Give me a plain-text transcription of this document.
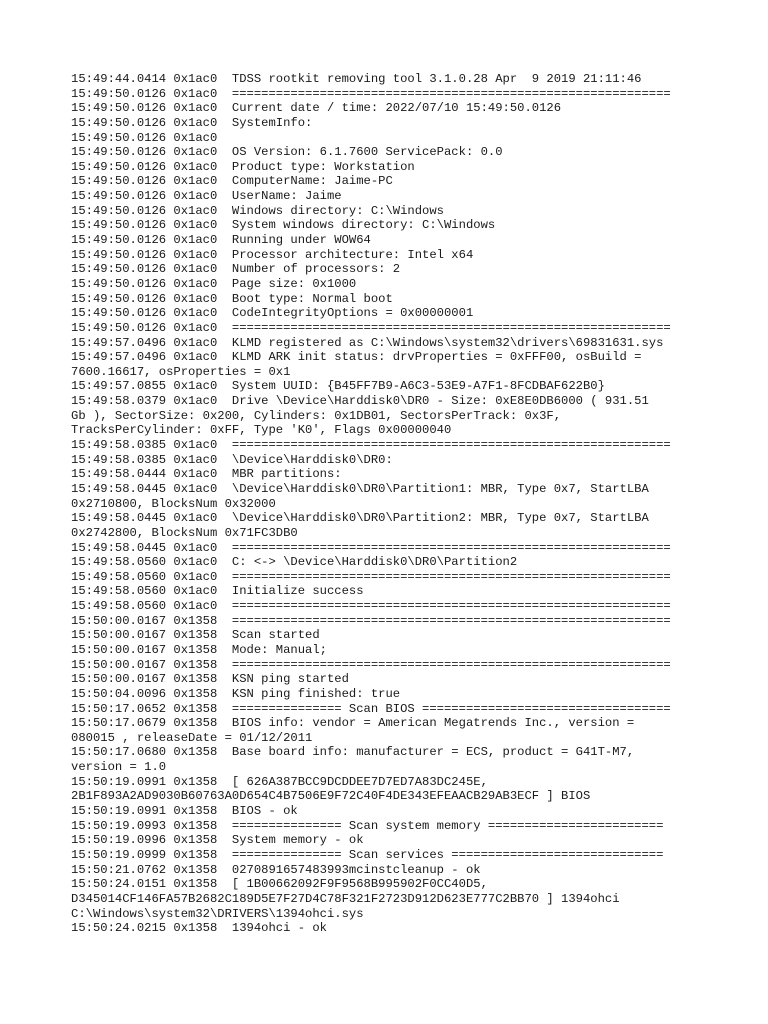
15:49:44.0414 0x1ac0  TDSS rootkit removing tool 3.1.0.28 Apr  9 2019 21:11:46
15:49:50.0126 0x1ac0  ============================================================
15:49:50.0126 0x1ac0  Current date / time: 2022/07/10 15:49:50.0126
15:49:50.0126 0x1ac0  SystemInfo:
15:49:50.0126 0x1ac0
15:49:50.0126 0x1ac0  OS Version: 6.1.7600 ServicePack: 0.0
15:49:50.0126 0x1ac0  Product type: Workstation
15:49:50.0126 0x1ac0  ComputerName: Jaime-PC
15:49:50.0126 0x1ac0  UserName: Jaime
15:49:50.0126 0x1ac0  Windows directory: C:\Windows
15:49:50.0126 0x1ac0  System windows directory: C:\Windows
15:49:50.0126 0x1ac0  Running under WOW64
15:49:50.0126 0x1ac0  Processor architecture: Intel x64
15:49:50.0126 0x1ac0  Number of processors: 2
15:49:50.0126 0x1ac0  Page size: 0x1000
15:49:50.0126 0x1ac0  Boot type: Normal boot
15:49:50.0126 0x1ac0  CodeIntegrityOptions = 0x00000001
15:49:50.0126 0x1ac0  ============================================================
15:49:57.0496 0x1ac0  KLMD registered as C:\Windows\system32\drivers\69831631.sys
15:49:57.0496 0x1ac0  KLMD ARK init status: drvProperties = 0xFFF00, osBuild =
7600.16617, osProperties = 0x1
15:49:57.0855 0x1ac0  System UUID: {B45FF7B9-A6C3-53E9-A7F1-8FCDBAF622B0}
15:49:58.0379 0x1ac0  Drive \Device\Harddisk0\DR0 - Size: 0xE8E0DB6000 ( 931.51
Gb ), SectorSize: 0x200, Cylinders: 0x1DB01, SectorsPerTrack: 0x3F,
TracksPerCylinder: 0xFF, Type 'K0', Flags 0x00000040
15:49:58.0385 0x1ac0  ============================================================
15:49:58.0385 0x1ac0  \Device\Harddisk0\DR0:
15:49:58.0444 0x1ac0  MBR partitions:
15:49:58.0445 0x1ac0  \Device\Harddisk0\DR0\Partition1: MBR, Type 0x7, StartLBA
0x2710800, BlocksNum 0x32000
15:49:58.0445 0x1ac0  \Device\Harddisk0\DR0\Partition2: MBR, Type 0x7, StartLBA
0x2742800, BlocksNum 0x71FC3DB0
15:49:58.0445 0x1ac0  ============================================================
15:49:58.0560 0x1ac0  C: <-> \Device\Harddisk0\DR0\Partition2
15:49:58.0560 0x1ac0  ============================================================
15:49:58.0560 0x1ac0  Initialize success
15:49:58.0560 0x1ac0  ============================================================
15:50:00.0167 0x1358  ============================================================
15:50:00.0167 0x1358  Scan started
15:50:00.0167 0x1358  Mode: Manual;
15:50:00.0167 0x1358  ============================================================
15:50:00.0167 0x1358  KSN ping started
15:50:04.0096 0x1358  KSN ping finished: true
15:50:17.0652 0x1358  =============== Scan BIOS ==================================
15:50:17.0679 0x1358  BIOS info: vendor = American Megatrends Inc., version =
080015 , releaseDate = 01/12/2011
15:50:17.0680 0x1358  Base board info: manufacturer = ECS, product = G41T-M7,
version = 1.0
15:50:19.0991 0x1358  [ 626A387BCC9DCDDEE7D7ED7A83DC245E,
2B1F893A2AD9030B60763A0D654C4B7506E9F72C40F4DE343EFEAACB29AB3ECF ] BIOS
15:50:19.0991 0x1358  BIOS - ok
15:50:19.0993 0x1358  =============== Scan system memory ========================
15:50:19.0996 0x1358  System memory - ok
15:50:19.0999 0x1358  =============== Scan services =============================
15:50:21.0762 0x1358  0270891657483993mcinstcleanup - ok
15:50:24.0151 0x1358  [ 1B00662092F9F9568B995902F0CC40D5,
D345014CF146FA57B2682C189D5E7F27D4C78F321F2723D912D623E777C2BB70 ] 1394ohci
C:\Windows\system32\DRIVERS\1394ohci.sys
15:50:24.0215 0x1358  1394ohci - ok
